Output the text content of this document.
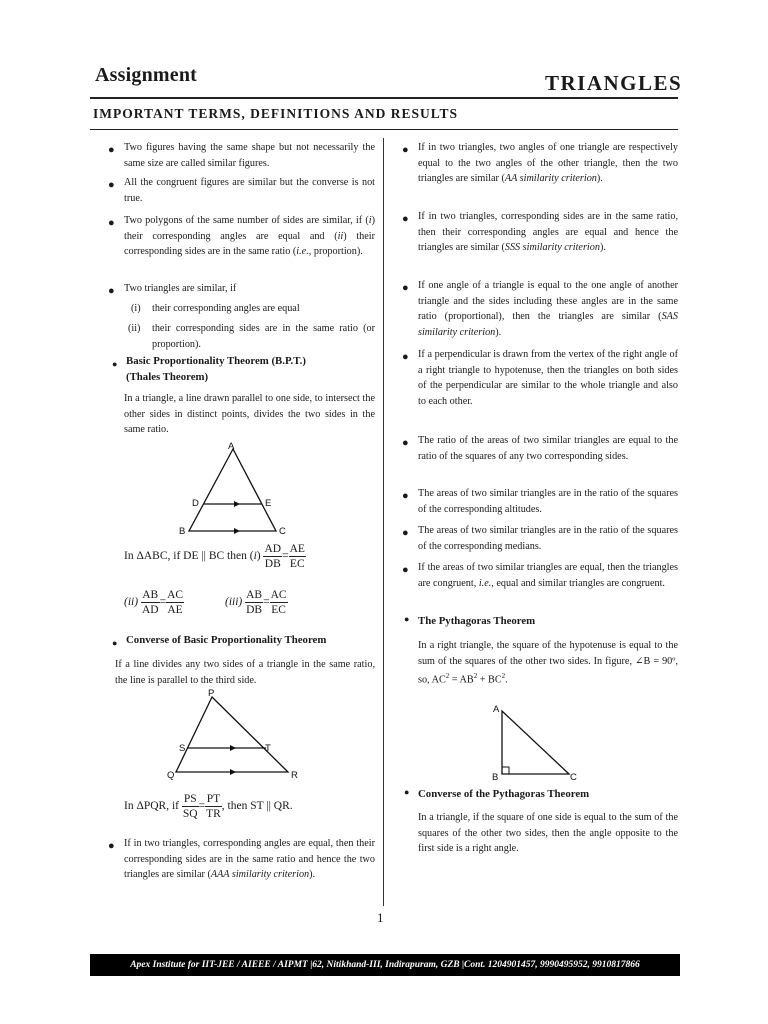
Assignment	TRIANGLES
IMPORTANT TERMS, DEFINITIONS AND RESULTS
● Two figures having the same shape but not necessarily the same size are called similar figures.
● All the congruent figures are similar but the converse is not true.
● Two polygons of the same number of sides are similar, if (i) their corresponding angles are equal and (ii) their corresponding sides are in the same ratio (i.e., proportion).
● Two triangles are similar, if
(i) their corresponding angles are equal
(ii) their corresponding sides are in the same ratio (or proportion).
● Basic Proportionality Theorem (B.P.T.)
(Thales Theorem)
In a triangle, a line drawn parallel to one side, to intersect the other sides in distinct points, divides the two sides in the same ratio.
A
B	C
D	E
In ΔABC, if DE || BC then $(i) \frac{AD}{DB} = \frac{AE}{EC}$
$(ii) \frac{AB}{AD} = \frac{AC}{AE}$	$(iii) \frac{AB}{DB} = \frac{AC}{EC}$
● Converse of Basic Proportionality Theorem
If a line divides any two sides of a triangle in the same ratio, the line is parallel to the third side.
P
Q	R
S	T
In ΔPQR, if $\frac{PS}{SQ} = \frac{PT}{TR}$ , then ST || QR.
● If in two triangles, corresponding angles are equal, then their corresponding sides are in the same ratio and hence the two triangles are similar (AAA similarity criterion).
● If in two triangles, two angles of one triangle are respectively equal to the two angles of the other triangle, then the two triangles are similar (AA similarity criterion).
● If in two triangles, corresponding sides are in the same ratio, then their corresponding angles are equal and hence the triangles are similar (SSS similarity criterion).
● If one angle of a triangle is equal to the one angle of another triangle and the sides including these angles are in the same ratio (proportional), then the triangles are similar (SAS similarity criterion).
● If a perpendicular is drawn from the vertex of the right angle of a right triangle to hypotenuse, then the triangles on both sides of the perpendicular are similar to the whole triangle and also to each other.
● The ratio of the areas of two similar triangles are equal to the ratio of the squares of any two corresponding sides.
● The areas of two similar triangles are in the ratio of the squares of the corresponding altitudes.
● The areas of two similar triangles are in the ratio of the squares of the corresponding medians.
● If the areas of two similar triangles are equal, then the triangles are congruent, i.e., equal and similar triangles are congruent.
● The Pythagoras Theorem
In a right triangle, the square of the hypotenuse is equal to the sum of the squares of the other two sides. In figure, ∠B = 90º, so, $AC^2 = AB^2 + BC^2$.
A
B	C
● Converse of the Pythagoras Theorem
In a triangle, if the square of one side is equal to the sum of the squares of the other two sides, then the angle opposite to the first side is a right angle.
1
Apex Institute for IIT-JEE / AIEEE / AIPMT |62, Nitikhand-III, Indirapuram, GZB |Cont. 1204901457, 9990495952, 9910817866
